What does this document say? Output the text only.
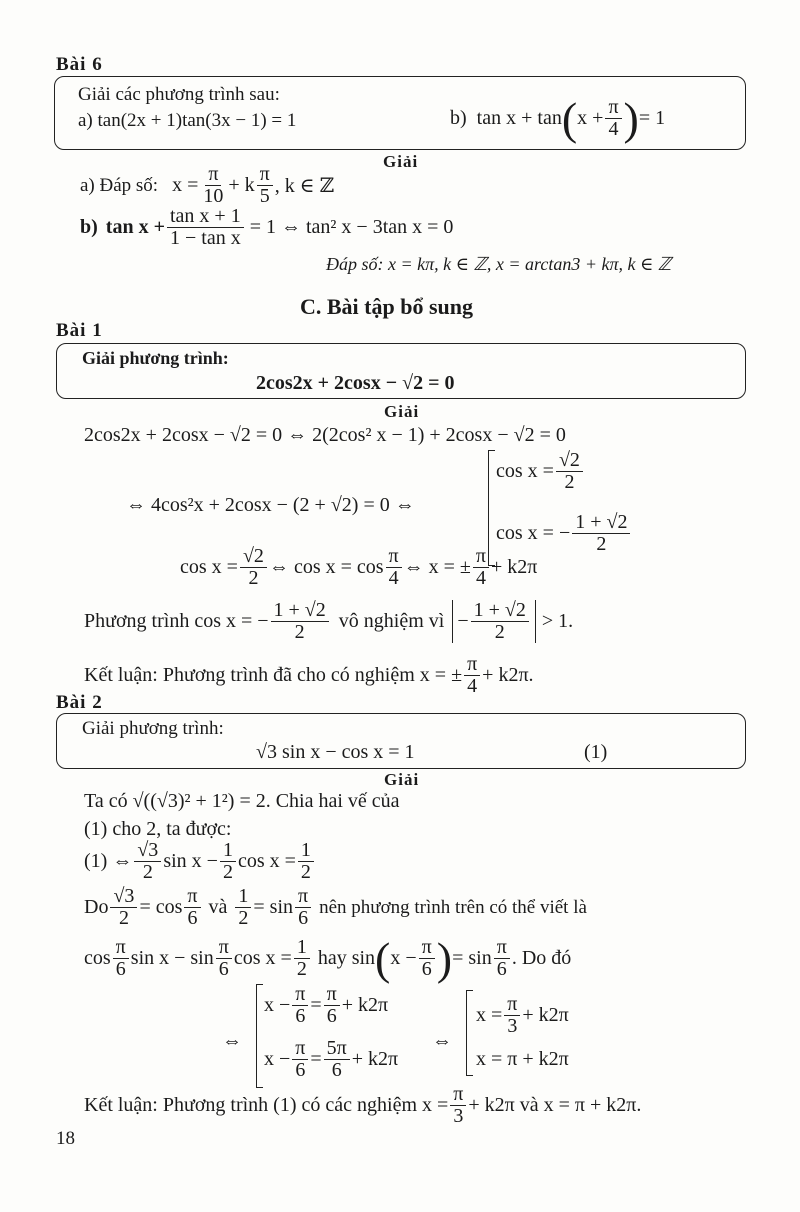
Bài 6
Giải các phương trình sau:
a) tan(2x + 1)tan(3x − 1) = 1	b) tan x + tan ( $x + \frac{\pi}{4}$ ) = 1
Giải
a) Đáp số: $x = \frac{\pi}{10} + k \frac{\pi}{5}$ , k ∈ ℤ
b) $\tan x + \frac{\text{tan x + 1}}{\text{1 − tan x}} = 1$ ⇔ tan² x − 3tan x = 0
Đáp số: x = kπ, k ∈ ℤ, x = arctan3 + kπ, k ∈ ℤ
C. Bài tập bổ sung
Bài 1
Giải phương trình:
2cos2x + 2cosx − √2 = 0
Giải
2cos2x + 2cosx − √2 = 0 ⇔ 2(2cos² x − 1) + 2cosx − √2 = 0
⇔ 4cos²x + 2cosx − (2 + √2) = 0 ⇔
$\cos x = \frac{√2}{2}$
cos x = − $\frac{1 + √2}{2}$
$\cos x = \frac{√2}{2}$ ⇔ $\cos x = \cos \frac{\pi}{4}$ ⇔ x = ± $\frac{\pi}{4} + k2\pi$
Phương trình cos x = − $\frac{1 + √2}{2}$ vô nghiệm vì − $\frac{1 + √2}{2} > 1$.
Kết luận: Phương trình đã cho có nghiệm x = ± $\frac{\pi}{4} + k2\pi$.
Bài 2
Giải phương trình:
√3 sin x − cos x = 1	(1)
Giải
Ta có √((√3)² + 1²) = 2. Chia hai vế của
(1) cho 2, ta được:
(1) ⇔ $\frac{√3}{2}$ $\sin x - \frac{1}{2}$ $\cos x = \frac{1}{2}$
Do $\frac{√3}{2} = \cos \frac{\pi}{6}$ và $\frac{1}{2} = \sin \frac{\pi}{6}$ nên phương trình trên có thể viết là
$\cos \frac{\pi}{6}$ $\sin x - \sin \frac{\pi}{6}$ $\cos x = \frac{1}{2}$ hay sin ( $x - \frac{\pi}{6}$ ) = $\sin \frac{\pi}{6}$ . Do đó
⇔
$x - \frac{\pi}{6} = \frac{\pi}{6} + k2\pi$
$x - \frac{\pi}{6} = \frac{5\pi}{6} + k2\pi$
⇔
$x = \frac{\pi}{3} + k2\pi$
x = π + k2π
Kết luận: Phương trình (1) có các nghiệm $x = \frac{\pi}{3} + k2\pi$ và x = π + k2π.
18
